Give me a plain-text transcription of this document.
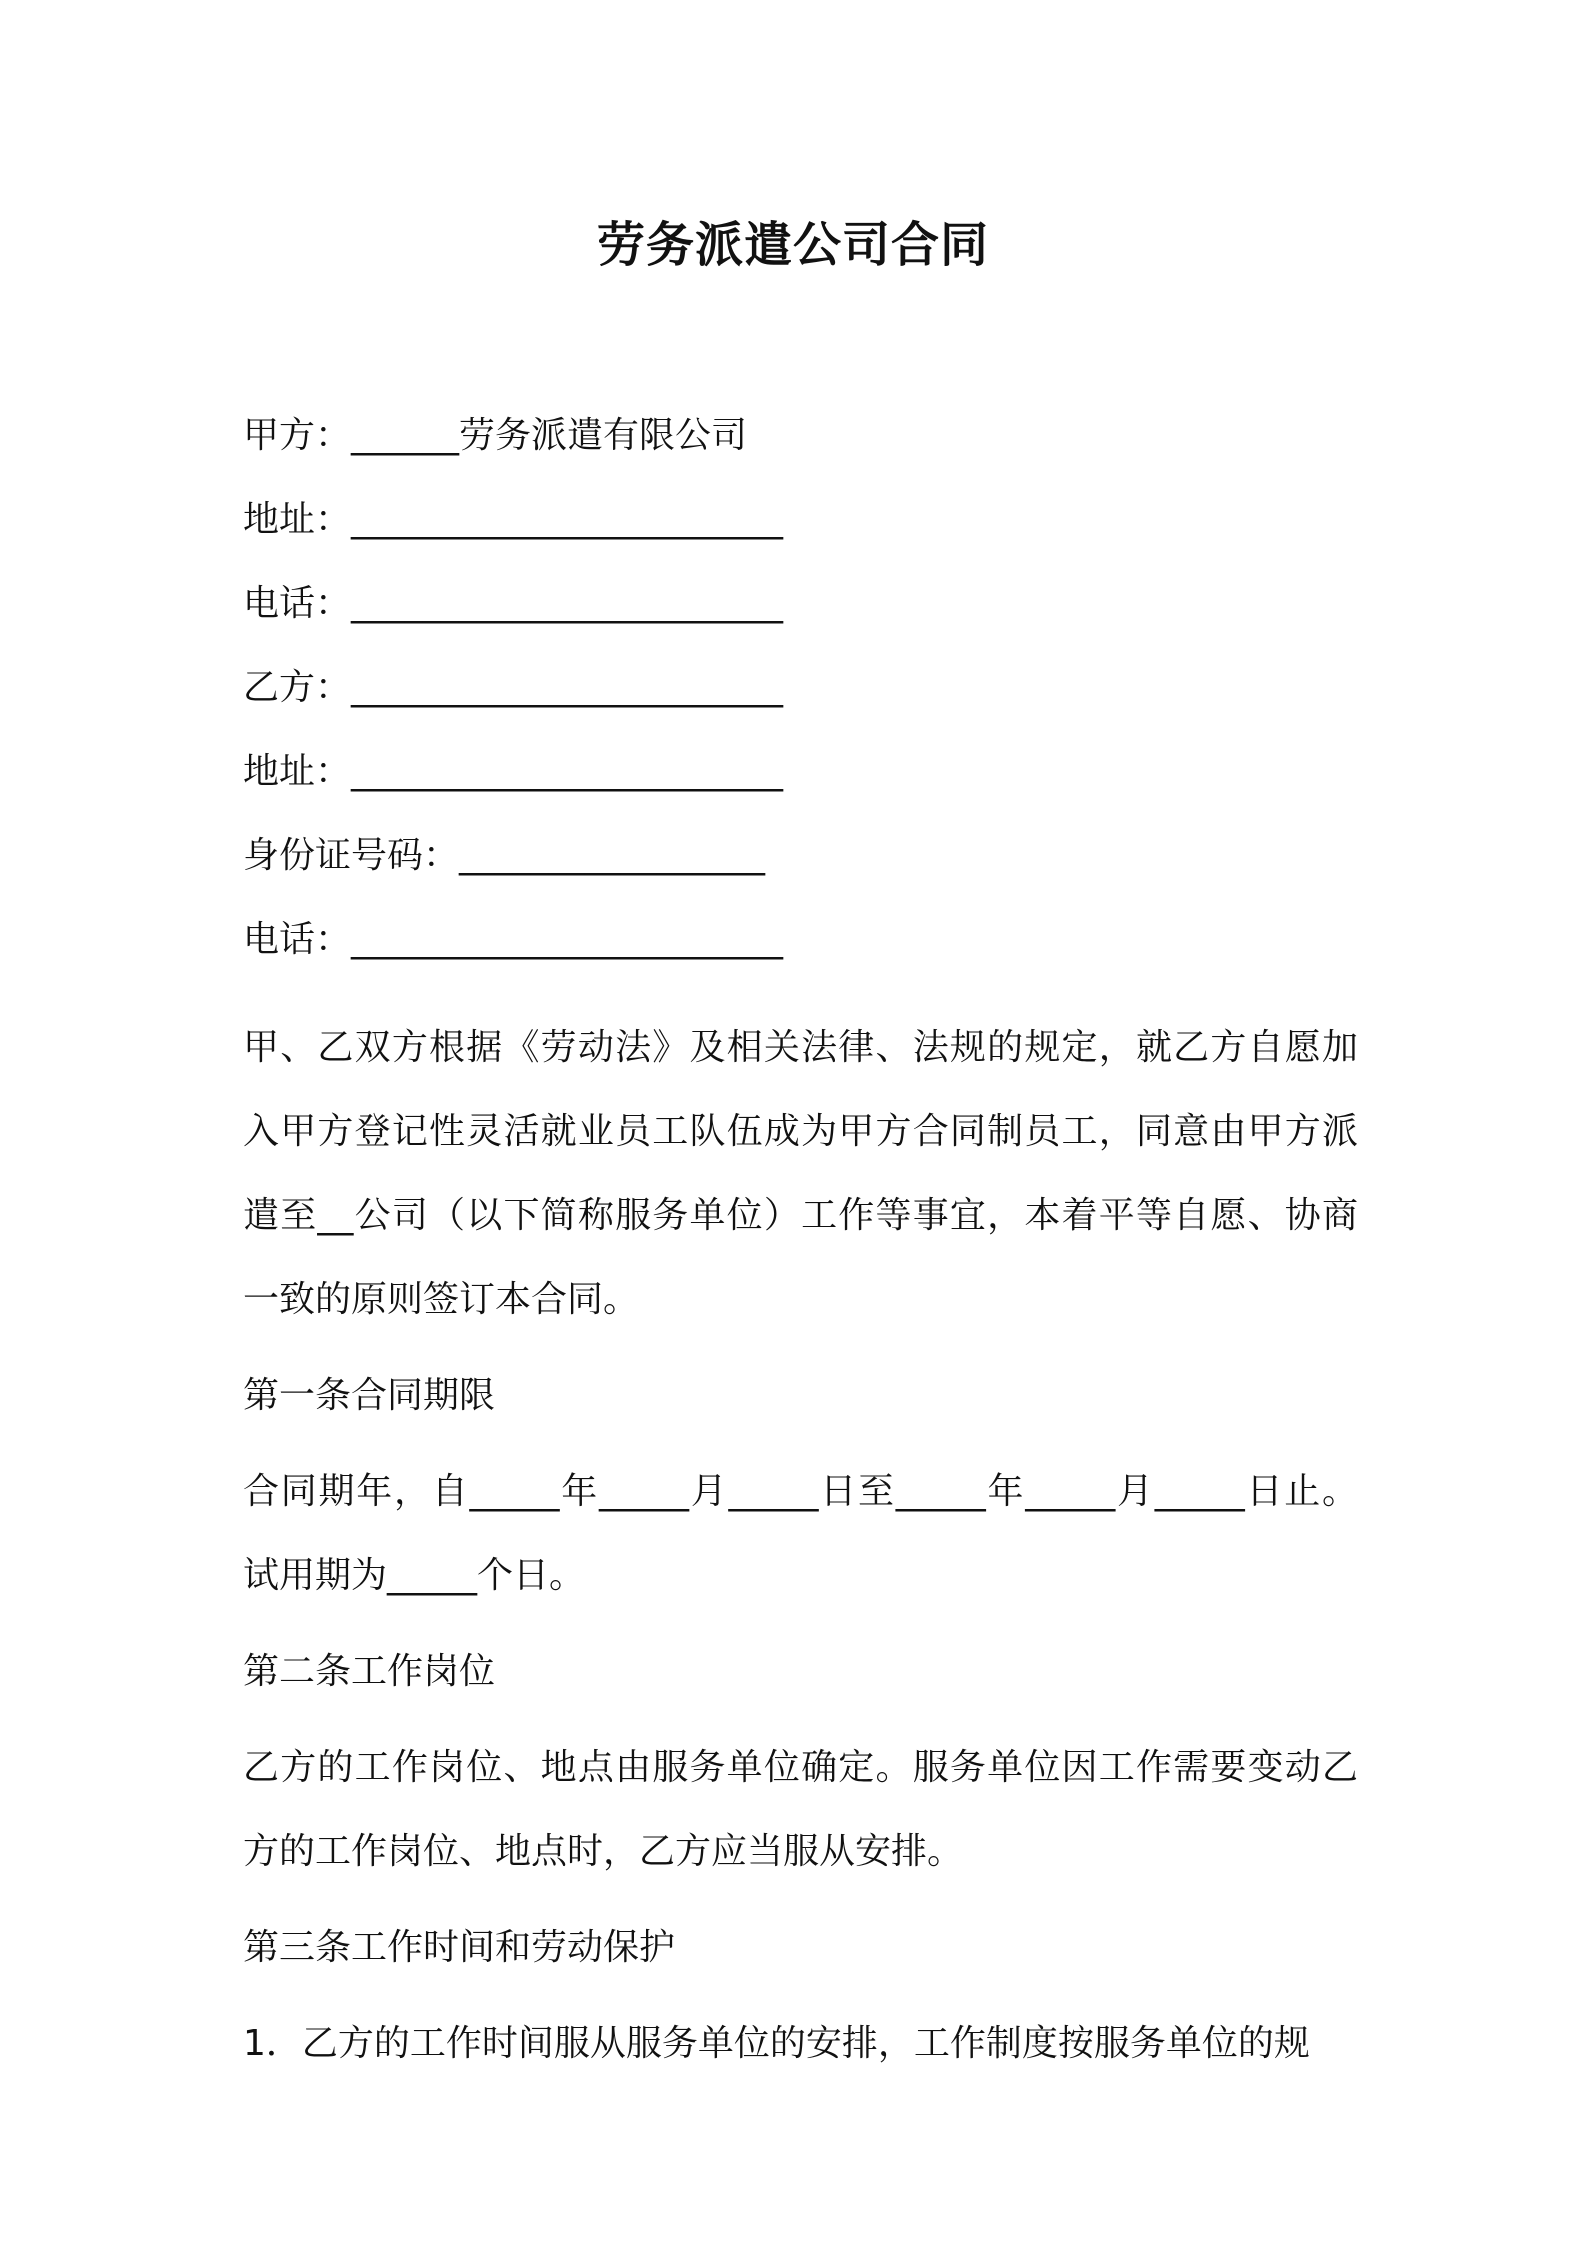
劳务派遣公司合同
甲方：______劳务派遣有限公司
地址：________________________
电话：________________________
乙方：________________________
地址：________________________
身份证号码：_________________
电话：________________________

甲、乙双方根据《劳动法》及相关法律、法规的规定，就乙方自愿加入甲方登记性灵活就业员工队伍成为甲方合同制员工，同意由甲方派遣至__公司（以下简称服务单位）工作等事宜，本着平等自愿、协商一致的原则签订本合同。

第一条合同期限

合同期年，自_____年_____月_____日至_____年_____月_____日止。试用期为_____个日。

第二条工作岗位

乙方的工作岗位、地点由服务单位确定。服务单位因工作需要变动乙方的工作岗位、地点时，乙方应当服从安排。

第三条工作时间和劳动保护

1．乙方的工作时间服从服务单位的安排，工作制度按服务单位的规
